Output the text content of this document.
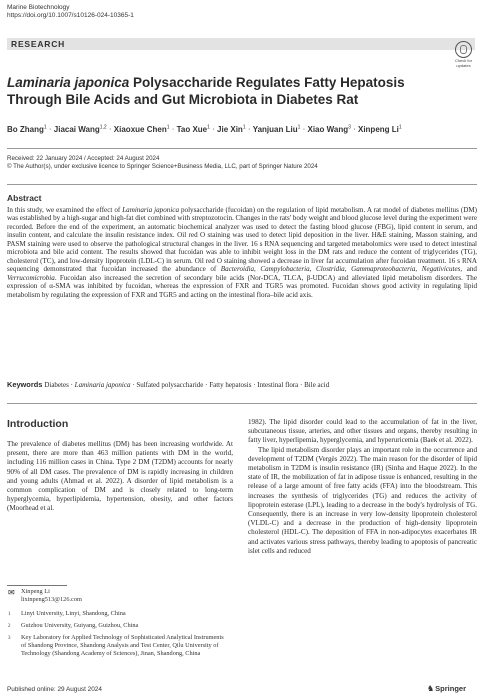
Marine Biotechnology
https://doi.org/10.1007/s10126-024-10365-1
RESEARCH
Check for
updates
Laminaria japonica Polysaccharide Regulates Fatty Hepatosis Through Bile Acids and Gut Microbiota in Diabetes Rat
Bo Zhang$^1$ · Jiacai Wang$^{1,2}$ · Xiaoxue Chen$^1$ · Tao Xue$^1$ · Jie Xin$^1$ · Yanjuan Liu$^1$ · Xiao Wang$^3$ · Xinpeng Li$^1$
Received: 22 January 2024 / Accepted: 24 August 2024
© The Author(s), under exclusive licence to Springer Science+Business Media, LLC, part of Springer Nature 2024
Abstract

In this study, we examined the effect of Laminaria japonica polysaccharide (fucoidan) on the regulation of lipid metabolism. A rat model of diabetes mellitus (DM) was established by a high-sugar and high-fat diet combined with streptozotocin. Changes in the rats' body weight and blood glucose level during the experiment were recorded. Before the end of the experiment, an automatic biochemical analyzer was used to detect the fasting blood glucose (FBG), lipid content in serum, and insulin content, and calculate the insulin resistance index. Oil red O staining was used to detect lipid deposition in the liver. H&E staining, Masson staining, and PASM staining were used to observe the pathological structural changes in the liver. 16 s RNA sequencing and targeted metabolomics were used to detect intestinal microbiota and bile acid content. The results showed that fucoidan was able to inhibit weight loss in the DM rats and reduce the content of triglycerides (TG), cholesterol (TC), and low-density lipoprotein (LDL-C) in serum. Oil red O staining showed a decrease in liver fat accumulation after fucoidan treatment. 16 s RNA sequencing demonstrated that fucoidan increased the abundance of Bacteroidia, Campylobacteria, Clostridia, Gammaproteobacteria, Negativicutes, and Verrucomicrobia. Fucoidan also increased the secretion of secondary bile acids (Nor-DCA, TLCA, β-UDCA) and alleviated lipid metabolism disorders. The expression of α-SMA was inhibited by fucoidan, whereas the expression of FXR and TGR5 was promoted. Fucoidan shows good activity in regulating lipid metabolism by regulating the expression of FXR and TGR5 and acting on the intestinal flora–bile acid axis.

Keywords Diabetes · Laminaria japonica · Sulfated polysaccharide · Fatty hepatosis · Intestinal flora · Bile acid
Introduction

The prevalence of diabetes mellitus (DM) has been increasing worldwide. At present, there are more than 463 million patients with DM in the world, including 116 million cases in China. Type 2 DM (T2DM) accounts for nearly 90% of all DM cases. The prevalence of DM is rapidly increasing in children and young adults (Ahmad et al. 2022). A disorder of lipid metabolism is a common complication of DM and is closely related to long-term hyperglycemia, hyperlipidemia, hypertension, obesity, and other factors (Moorhead et al.

1982). The lipid disorder could lead to the accumulation of fat in the liver, subcutaneous tissue, arteries, and other tissues and organs, thereby resulting in fatty liver, hyperlipemia, hyperglycemia, and hyperuricemia (Baek et al. 2022).

The lipid metabolism disorder plays an important role in the occurrence and development of T2DM (Vergès 2022). The main reason for the disorder of lipid metabolism in T2DM is insulin resistance (IR) (Sinha and Haque 2022). In the state of IR, the mobilization of fat in adipose tissue is enhanced, resulting in the release of a large amount of free fatty acids (FFA) into the bloodstream. This increases the synthesis of triglycerides (TG) and reduces the activity of lipoprotein esterase (LPL), leading to a decrease in the body's hydrolysis of TG. Consequently, there is an increase in very low-density lipoprotein cholesterol (VLDL-C) and a decrease in the production of high-density lipoprotein cholesterol (HDL-C). The deposition of FFA in non-adipocytes exacerbates IR and activates various stress pathways, thereby leading to apoptosis of pancreatic islet cells and reduced

✉ Xinpeng Li
lixinpeng513@126.com
1 Linyi University, Linyi, Shandong, China
2 Guizhou University, Guiyang, Guizhou, China
3 Key Laboratory for Applied Technology of Sophisticated Analytical Instruments of Shandong Province, Shandong Analysis and Test Center, Qilu University of Technology (Shandong Academy of Sciences), Jinan, Shandong, China
Published online: 29 August 2024	♞Springer
